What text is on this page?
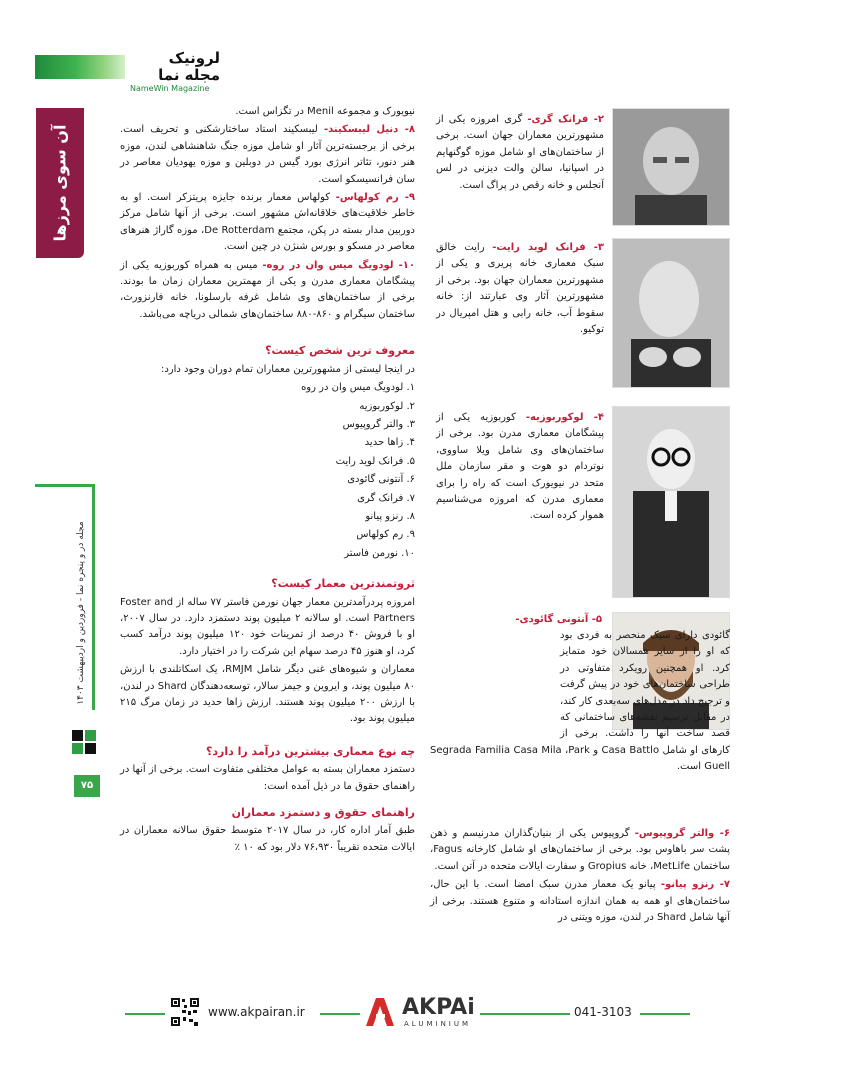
لرونیک مجله نما
NameWin Magazine
آن سوی مرزها
مجله در و پنجره نما - فروردین و اردیبهشت ۱۴۰۳
۷۵

۲- فرانک گری- گری امروزه یکی از مشهورترین معماران جهان است. برخی از ساختمان‌های او شامل موزه گوگنهایم در اسپانیا، سالن والت دیزنی در لس آنجلس و خانه رقص در پراگ است.

۳- فرانک لوید رایت- رایت خالق سبک معماری خانه پریری و یکی از مشهورترین معماران جهان بود. برخی از مشهورترین آثار وی عبارتند از: خانه سقوط آب، خانه رابی و هتل امپریال در توکیو.

۴- لوکوربوزیه- کوربوزیه یکی از پیشگامان معماری مدرن بود. برخی از ساختمان‌های وی شامل ویلا ساووی، نوتردام دو هوت و مقر سازمان ملل متحد در نیویورک است که راه را برای معماری مدرن که امروزه می‌شناسیم هموار کرده است.

۵- آنتونی گائودی-

گائودی دارای سبک منحصر به فردی بود که او را از سایر همسالان خود متمایز کرد. او همچنین رویکرد متفاوتی در طراحی ساختمان‌های خود در پیش گرفت و ترجیح داد در مدل‌های سه‌بعدی کار کند، در مقابل ترسیم نقشه‌های ساختمانی که قصد ساخت آنها را داشت. برخی از کارهای او شامل Casa Battlo و Segrada Familia Casa Mila ،Park Guell است.

۶- والتر گروپیوس- گروپیوس یکی از بنیان‌گذاران مدرنیسم و ذهن پشت سر باهاوس بود. برخی از ساختمان‌های او شامل کارخانه Fagus، ساختمان MetLife، خانه Gropius و سفارت ایالات متحده در آتن است.

۷- رنزو پیانو- پیانو یک معمار مدرن سبک امضا است. با این حال، ساختمان‌های او همه به همان اندازه استادانه و متنوع هستند. برخی از آنها شامل Shard در لندن، موزه ویتنی در

نیویورک و مجموعه Menil در تگزاس است.

۸- دنیل لیبسکیند- لیبسکیند استاد ساختارشکنی و تحریف است. برخی از برجسته‌ترین آثار او شامل موزه جنگ شاهنشاهی لندن، موزه هنر دنور، تئاتر انرژی بورد گیس در دوبلین و موزه یهودیان معاصر در سان فرانسیسکو است.

۹- رم کولهاس- کولهاس معمار برنده جایزه پریتزکر است. او به خاطر خلاقیت‌های خلاقانه‌اش مشهور است. برخی از آنها شامل مرکز دوربین مدار بسته در پکن، مجتمع De Rotterdam، موزه گاراژ هنرهای معاصر در مسکو و بورس شنژن در چین است.

۱۰- لودویگ میس وان در روه- میس به همراه کوربوزیه یکی از پیشگامان معماری مدرن و یکی از مهمترین معماران زمان ما بودند. برخی از ساختمان‌های وی شامل غرفه بارسلونا، خانه فارنزورث، ساختمان سیگرام و ۸۶۰-۸۸۰ ساختمان‌های شمالی دریاچه می‌باشد.

معروف ترین شخص کیست؟

در اینجا لیستی از مشهورترین معماران تمام دوران وجود دارد:

۱. لودویگ میس وان در روه

۲. لوکوربوزیه

۳. والتر گروپیوس

۴. زاها حدید

۵. فرانک لوید رایت

۶. آنتونی گائودی

۷. فرانک گری

۸. رنزو پیانو

۹. رم کولهاس

۱۰. نورمن فاستر

ثروتمندترین معمار کیست؟

امروزه پردرآمدترین معمار جهان نورمن فاستر ۷۷ ساله از Foster and Partners است. او سالانه ۲ میلیون پوند دستمزد دارد. در سال ۲۰۰۷، او با فروش ۴۰ درصد از تمرینات خود ۱۲۰ میلیون پوند درآمد کسب کرد، او هنوز ۴۵ درصد سهام این شرکت را در اختیار دارد.

معماران و شیوه‌های غنی دیگر شامل RMJM، یک اسکاتلندی با ارزش ۸۰ میلیون پوند، و ایروین و جیمز سالار، توسعه‌دهندگان Shard در لندن، با ارزش ۲۰۰ میلیون پوند هستند. ارزش زاها حدید در زمان مرگ ۲۱۵ میلیون پوند بود.

چه نوع معماری بیشترین درآمد را دارد؟

دستمزد معماران بسته به عوامل مختلفی متفاوت است. برخی از آنها در راهنمای حقوق ما در ذیل آمده است:

راهنمای حقوق و دستمزد معماران

طبق آمار اداره کار، در سال ۲۰۱۷ متوسط حقوق سالانه معماران در ایالات متحده تقریباً ۷۶،۹۳۰ دلار بود که ۱۰ ٪

www.akpairan.ir	AKPAi
ALUMINIUM
041-3103
